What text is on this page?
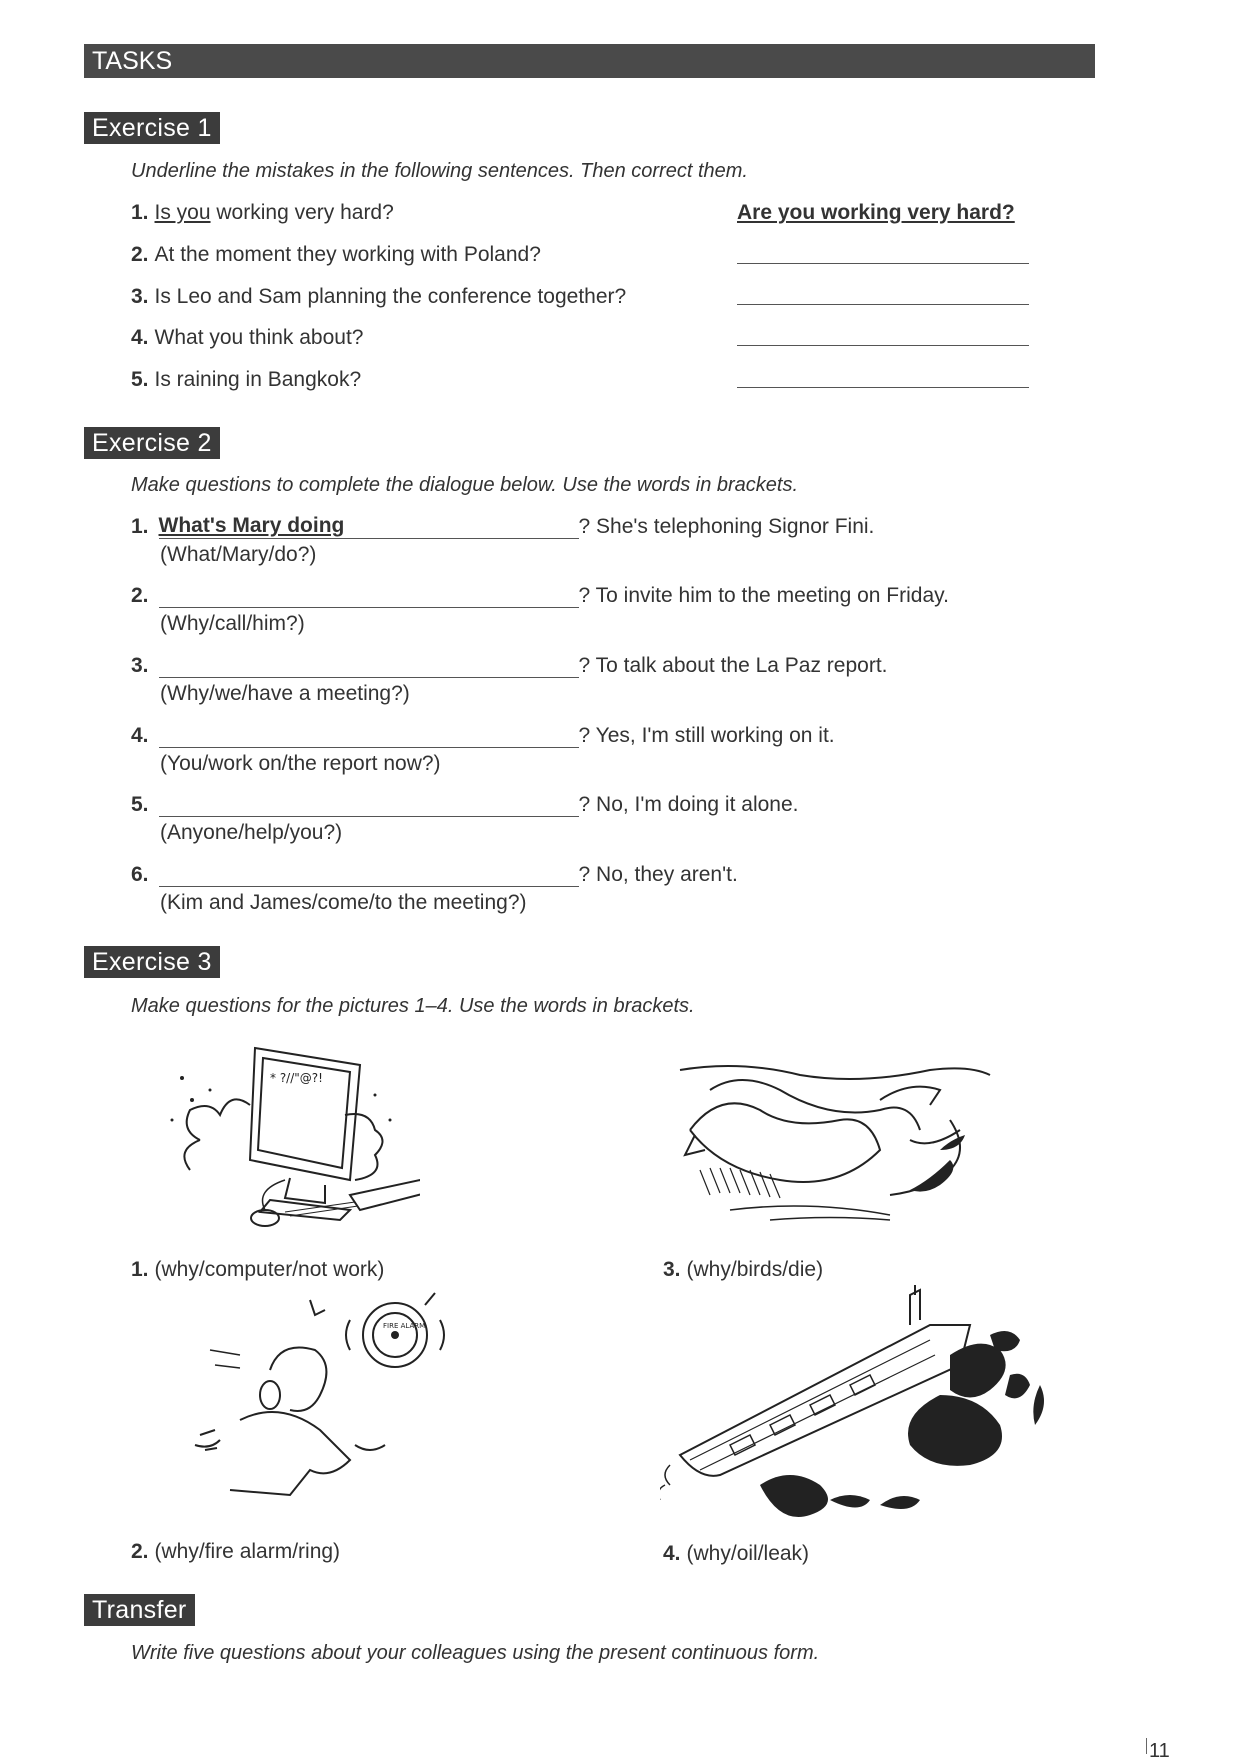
TASKS
Exercise 1
Underline the mistakes in the following sentences. Then correct them.
1. Is you working very hard?	Are you working very hard?
2. At the moment they working with Poland?
3. Is Leo and Sam planning the conference together?
4. What you think about?
5. Is raining in Bangkok?
Exercise 2
Make questions to complete the dialogue below. Use the words in brackets.
1. What's Mary doing	? She's telephoning Signor Fini.
(What/Mary/do?)
2.	? To invite him to the meeting on Friday.
(Why/call/him?)
3.	? To talk about the La Paz report.
(Why/we/have a meeting?)
4.	? Yes, I'm still working on it.
(You/work on/the report now?)
5.	? No, I'm doing it alone.
(Anyone/help/you?)
6.	? No, they aren't.
(Kim and James/come/to the meeting?)
Exercise 3
Make questions for the pictures 1–4. Use the words in brackets.
* ?//"@?!
1. (why/computer/not work)
FIRE ALARM
2. (why/fire alarm/ring)
3. (why/birds/die)
4. (why/oil/leak)
Transfer
Write five questions about your colleagues using the present continuous form.
11
